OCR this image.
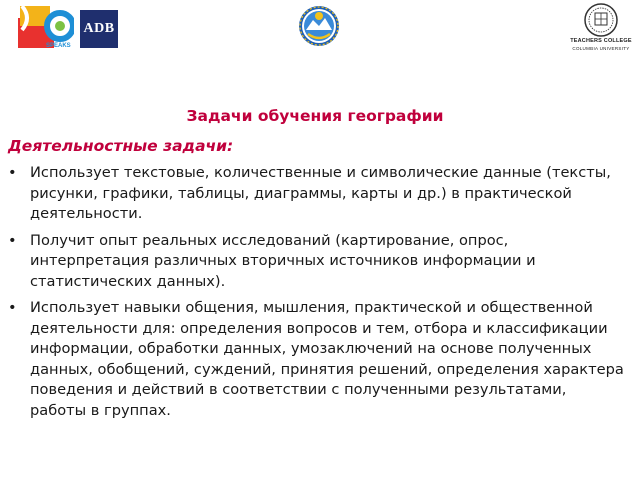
SPEAKS
ADB
TEACHERS COLLEGE
COLUMBIA UNIVERSITY
Задачи обучения географии
Деятельностные задачи:
• Использует текстовые, количественные и символические данные (тексты, рисунки, графики, таблицы, диаграммы, карты и др.) в практической деятельности.
• Получит опыт реальных исследований (картирование, опрос, интерпретация различных вторичных источников информации и статистических данных).
• Использует навыки общения, мышления, практической и общественной деятельности для: определения вопросов и тем, отбора и классификации информации, обработки данных, умозаключений на основе полученных данных, обобщений, суждений, принятия решений, определения характера поведения и действий в соответствии с полученными результатами, работы в группах.
